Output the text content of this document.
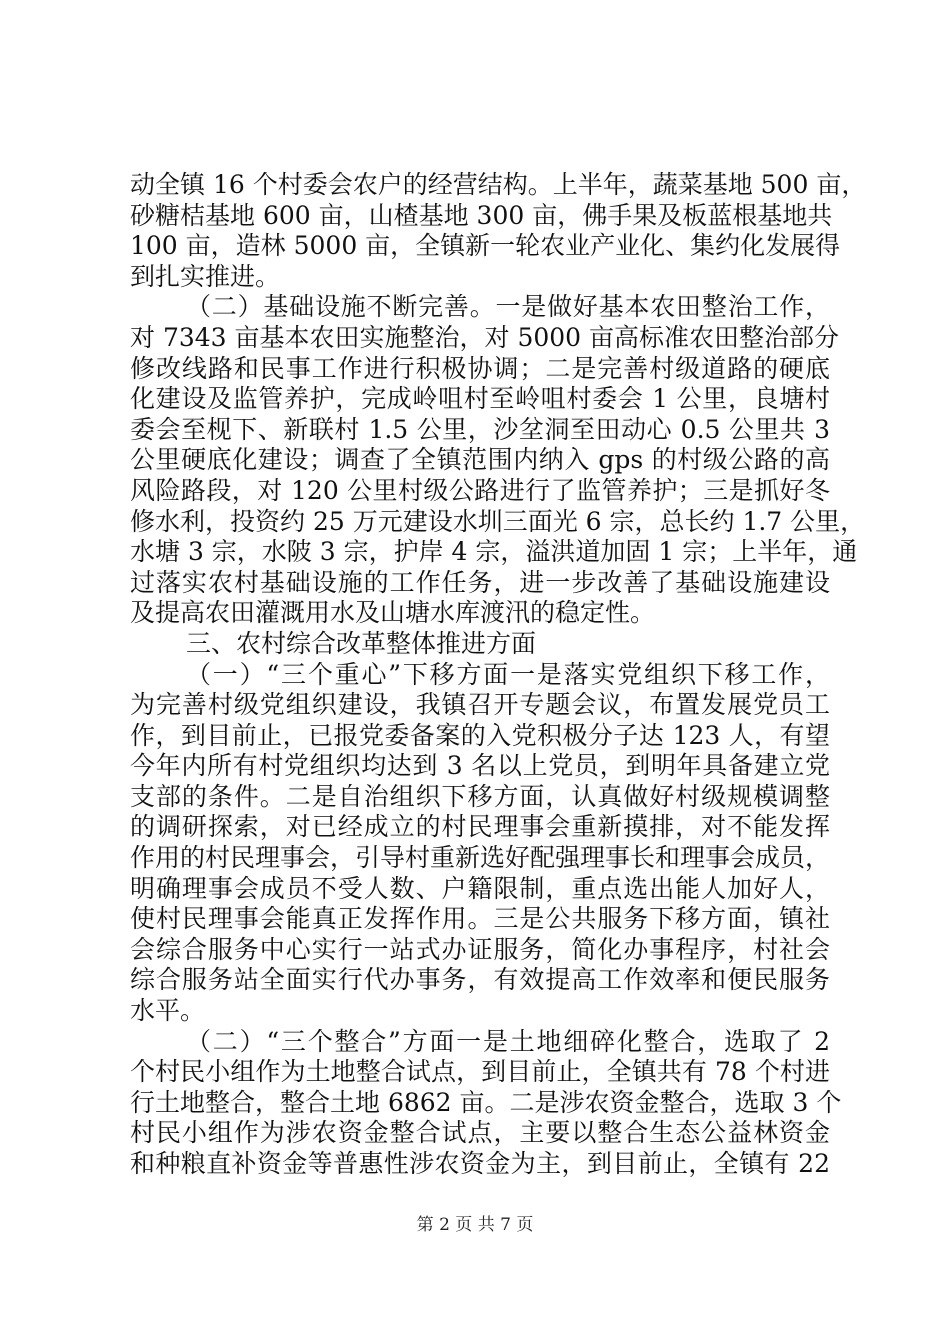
动全镇 16 个村委会农户的经营结构。上半年，蔬菜基地 500 亩，
砂糖桔基地 600 亩，山楂基地 300 亩，佛手果及板蓝根基地共
100 亩，造林 5000 亩，全镇新一轮农业产业化、集约化发展得
到扎实推进。
（二）基础设施不断完善。一是做好基本农田整治工作，
对 7343 亩基本农田实施整治，对 5000 亩高标准农田整治部分
修改线路和民事工作进行积极协调；二是完善村级道路的硬底
化建设及监管养护，完成岭咀村至岭咀村委会 1 公里，良塘村
委会至枧下、新联村 1.5 公里，沙坌洞至田动心 0.5 公里共 3
公里硬底化建设；调查了全镇范围内纳入 gps 的村级公路的高
风险路段，对 120 公里村级公路进行了监管养护；三是抓好冬
修水利，投资约 25 万元建设水圳三面光 6 宗，总长约 1.7 公里，
水塘 3 宗，水陂 3 宗，护岸 4 宗，溢洪道加固 1 宗；上半年，通
过落实农村基础设施的工作任务，进一步改善了基础设施建设
及提高农田灌溉用水及山塘水库渡汛的稳定性。
三、农村综合改革整体推进方面
（一）“三个重心”下移方面一是落实党组织下移工作，
为完善村级党组织建设，我镇召开专题会议，布置发展党员工
作，到目前止，已报党委备案的入党积极分子达 123 人，有望
今年内所有村党组织均达到 3 名以上党员，到明年具备建立党
支部的条件。二是自治组织下移方面，认真做好村级规模调整
的调研探索，对已经成立的村民理事会重新摸排，对不能发挥
作用的村民理事会，引导村重新选好配强理事长和理事会成员，
明确理事会成员不受人数、户籍限制，重点选出能人加好人，
使村民理事会能真正发挥作用。三是公共服务下移方面，镇社
会综合服务中心实行一站式办证服务，简化办事程序，村社会
综合服务站全面实行代办事务，有效提高工作效率和便民服务
水平。
（二）“三个整合”方面一是土地细碎化整合，选取了 2
个村民小组作为土地整合试点，到目前止，全镇共有 78 个村进
行土地整合，整合土地 6862 亩。二是涉农资金整合，选取 3 个
村民小组作为涉农资金整合试点，主要以整合生态公益林资金
和种粮直补资金等普惠性涉农资金为主，到目前止，全镇有 22
第 2 页 共 7 页
